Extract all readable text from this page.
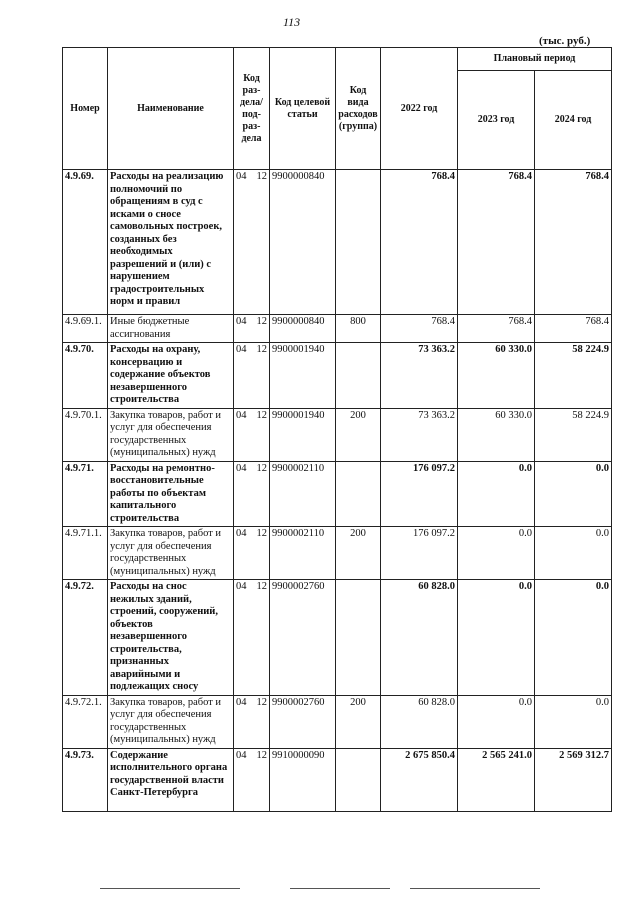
113
(тыс. руб.)
Номер	Наименование	Код раз-дела/ под-раз-дела	Код целевой статьи	Код вида расходов (группа)	2022 год	Плановый период	
						2023 год	2024 год
4.9.69.	Расходы на реализацию полномочий по обращениям в суд с исками о сносе самовольных построек, созданных без необходимых разрешений и (или) с нарушением градостроительных норм и правил	04 12	9900000840		768.4	768.4	768.4
4.9.69.1.	Иные бюджетные ассигнования	04 12	9900000840	800	768.4	768.4	768.4
4.9.70.	Расходы на охрану, консервацию и содержание объектов незавершенного строительства	04 12	9900001940		73 363.2	60 330.0	58 224.9
4.9.70.1.	Закупка товаров, работ и услуг для обеспечения государственных (муниципальных) нужд	04 12	9900001940	200	73 363.2	60 330.0	58 224.9
4.9.71.	Расходы на ремонтно-восстановительные работы по объектам капитального строительства	04 12	9900002110		176 097.2	0.0	0.0
4.9.71.1.	Закупка товаров, работ и услуг для обеспечения государственных (муниципальных) нужд	04 12	9900002110	200	176 097.2	0.0	0.0
4.9.72.	Расходы на снос нежилых зданий, строений, сооружений, объектов незавершенного строительства, признанных аварийными и подлежащих сносу	04 12	9900002760		60 828.0	0.0	0.0
4.9.72.1.	Закупка товаров, работ и услуг для обеспечения государственных (муниципальных) нужд	04 12	9900002760	200	60 828.0	0.0	0.0
4.9.73.	Содержание исполнительного органа государственной власти Санкт-Петербурга	04 12	9910000090		2 675 850.4	2 565 241.0	2 569 312.7
